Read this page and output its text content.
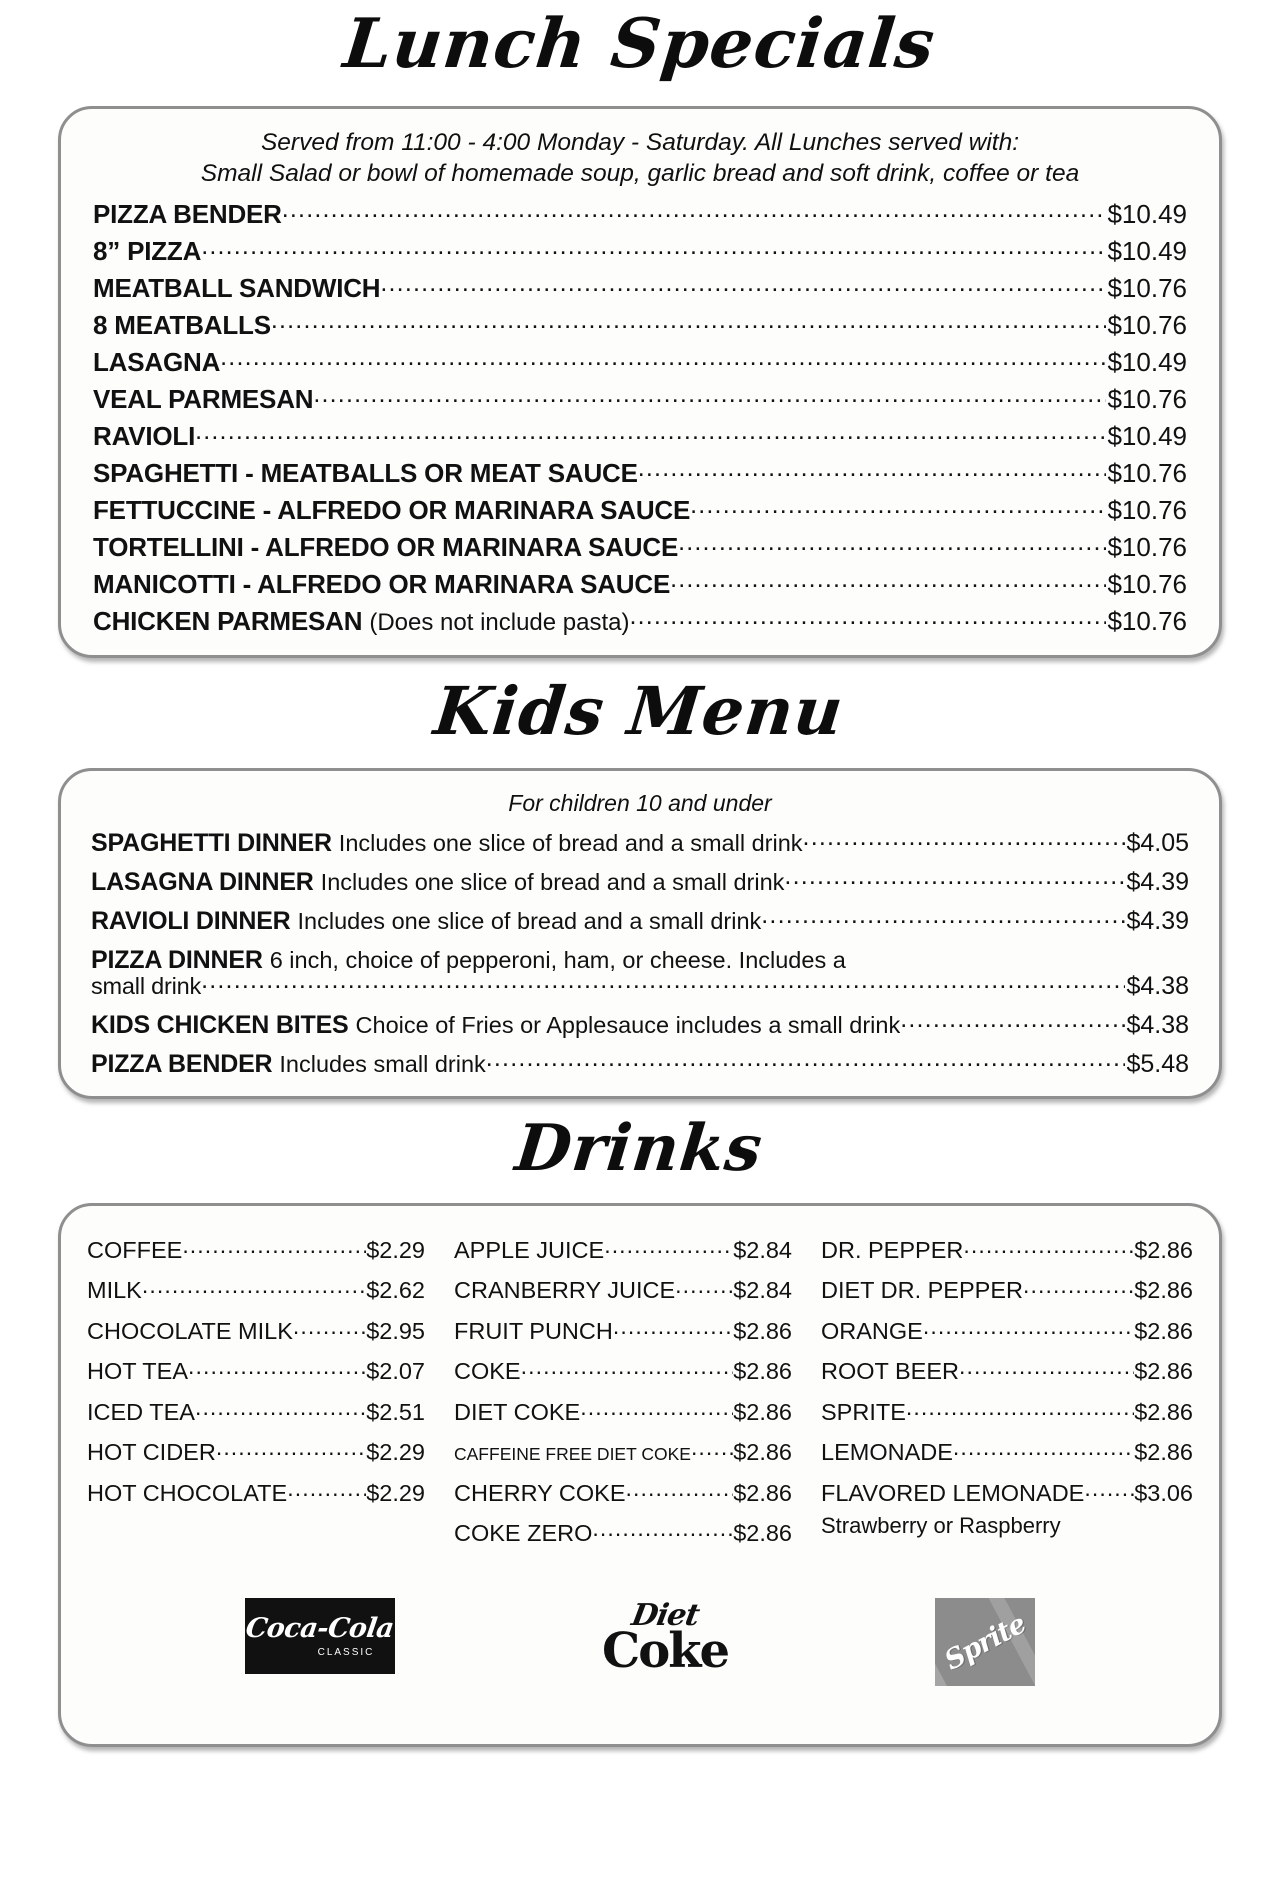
Lunch Specials
Served from 11:00 - 4:00 Monday - Saturday. All Lunches served with:
Small Salad or bowl of homemade soup, garlic bread and soft drink, coffee or tea
PIZZA BENDER .....	$10.49
8” PIZZA .....	$10.49
MEATBALL SANDWICH .....	$10.76
8 MEATBALLS .....	$10.76
LASAGNA .....	$10.49
VEAL PARMESAN .....	$10.76
RAVIOLI .....	$10.49
SPAGHETTI - MEATBALLS OR MEAT SAUCE .....	$10.76
FETTUCCINE - ALFREDO OR MARINARA SAUCE .....	$10.76
TORTELLINI - ALFREDO OR MARINARA SAUCE .....	$10.76
MANICOTTI - ALFREDO OR MARINARA SAUCE .....	$10.76
CHICKEN PARMESAN (Does not include pasta) .....	$10.76
Kids Menu
For children 10 and under
SPAGHETTI DINNER Includes one slice of bread and a small drink .....	$4.05
LASAGNA DINNER Includes one slice of bread and a small drink .....	$4.39
RAVIOLI DINNER Includes one slice of bread and a small drink .....	$4.39
PIZZA DINNER 6 inch, choice of pepperoni, ham, or cheese. Includes a
small drink .....	$4.38
KIDS CHICKEN BITES Choice of Fries or Applesauce includes a small drink .....	$4.38
PIZZA BENDER Includes small drink .....	$5.48
Drinks
COFFEE .....	$2.29
MILK .....	$2.62
CHOCOLATE MILK .....	$2.95
HOT TEA .....	$2.07
ICED TEA .....	$2.51
HOT CIDER .....	$2.29
HOT CHOCOLATE .....	$2.29
APPLE JUICE .....	$2.84
CRANBERRY JUICE ..... $2.84
FRUIT PUNCH .....	$2.86
COKE .....	$2.86
DIET COKE .....	$2.86
CAFFEINE FREE DIET COKE ..... $2.86
CHERRY COKE .....	$2.86
COKE ZERO .....	$2.86
DR. PEPPER .....	$2.86
DIET DR. PEPPER .....	$2.86
ORANGE .....	$2.86
ROOT BEER .....	$2.86
SPRITE .....	$2.86
LEMONADE .....	$2.86
FLAVORED LEMONADE ..... $3.06
Strawberry or Raspberry
Coca-Cola
CLASSIC
Diet
Coke	Sprite
